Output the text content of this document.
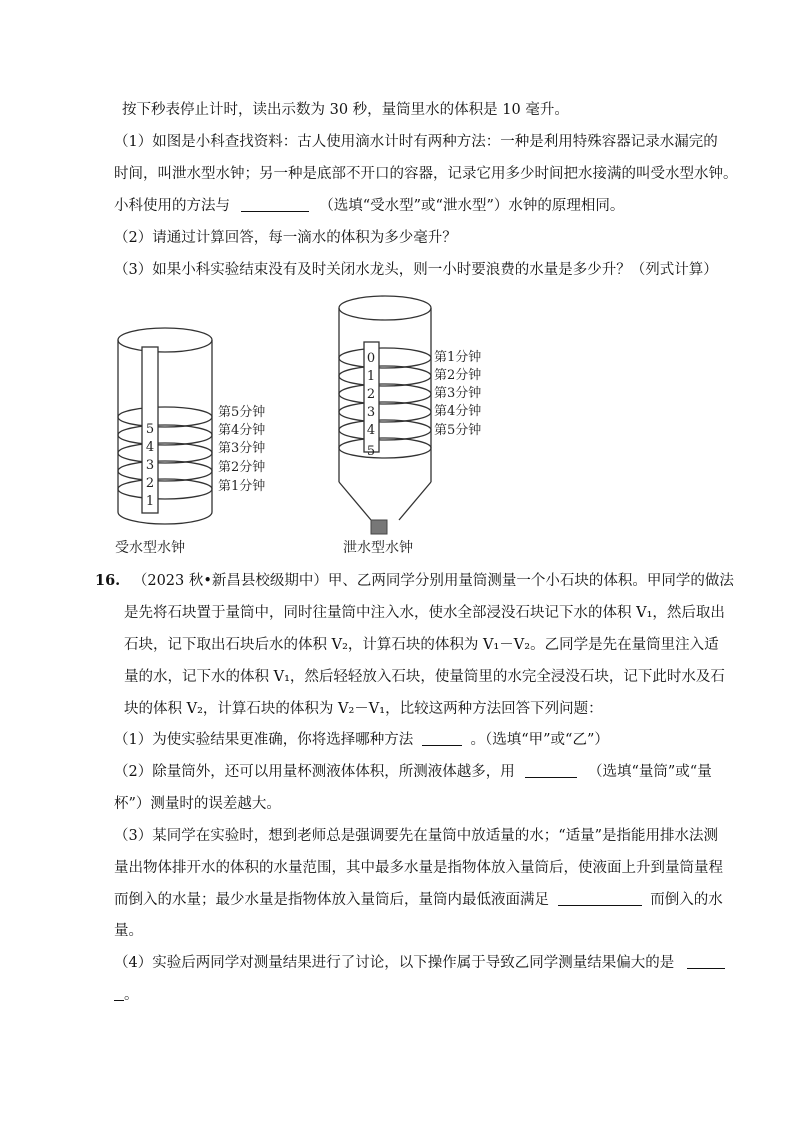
按下秒表停止计时，读出示数为 30 秒，量筒里水的体积是 10 毫升。
（1）如图是小科查找资料：古人使用滴水计时有两种方法：一种是利用特殊容器记录水漏完的
时间，叫泄水型水钟；另一种是底部不开口的容器，记录它用多少时间把水接满的叫受水型水钟。
小科使用的方法与	（选填“受水型”或“泄水型”）水钟的原理相同。
（2）请通过计算回答，每一滴水的体积为多少毫升？
（3）如果小科实验结束没有及时关闭水龙头，则一小时要浪费的水量是多少升？（列式计算）
1
2
3
4
5
第5分钟
第4分钟
第3分钟
第2分钟
第1分钟
受水型水钟
0
1
2
3
4
5
第1分钟
第2分钟
第3分钟
第4分钟
第5分钟
泄水型水钟
16. （2023 秋•新昌县校级期中）甲、乙两同学分别用量筒测量一个小石块的体积。甲同学的做法
是先将石块置于量筒中，同时往量筒中注入水，使水全部浸没石块记下水的体积 V₁，然后取出
石块，记下取出石块后水的体积 V₂，计算石块的体积为 V₁－V₂。乙同学是先在量筒里注入适
量的水，记下水的体积 V₁，然后轻轻放入石块，使量筒里的水完全浸没石块，记下此时水及石
块的体积 V₂，计算石块的体积为 V₂－V₁，比较这两种方法回答下列问题：
（1）为使实验结果更准确，你将选择哪种方法	。（选填“甲”或“乙”）
（2）除量筒外，还可以用量杯测液体体积，所测液体越多，用	（选填“量筒”或“量
杯”）测量时的误差越大。
（3）某同学在实验时，想到老师总是强调要先在量筒中放适量的水；“适量”是指能用排水法测
量出物体排开水的体积的水量范围，其中最多水量是指物体放入量筒后，使液面上升到量筒量程
而倒入的水量；最少水量是指物体放入量筒后，量筒内最低液面满足	而倒入的水
量。
（4）实验后两同学对测量结果进行了讨论，以下操作属于导致乙同学测量结果偏大的是
。
